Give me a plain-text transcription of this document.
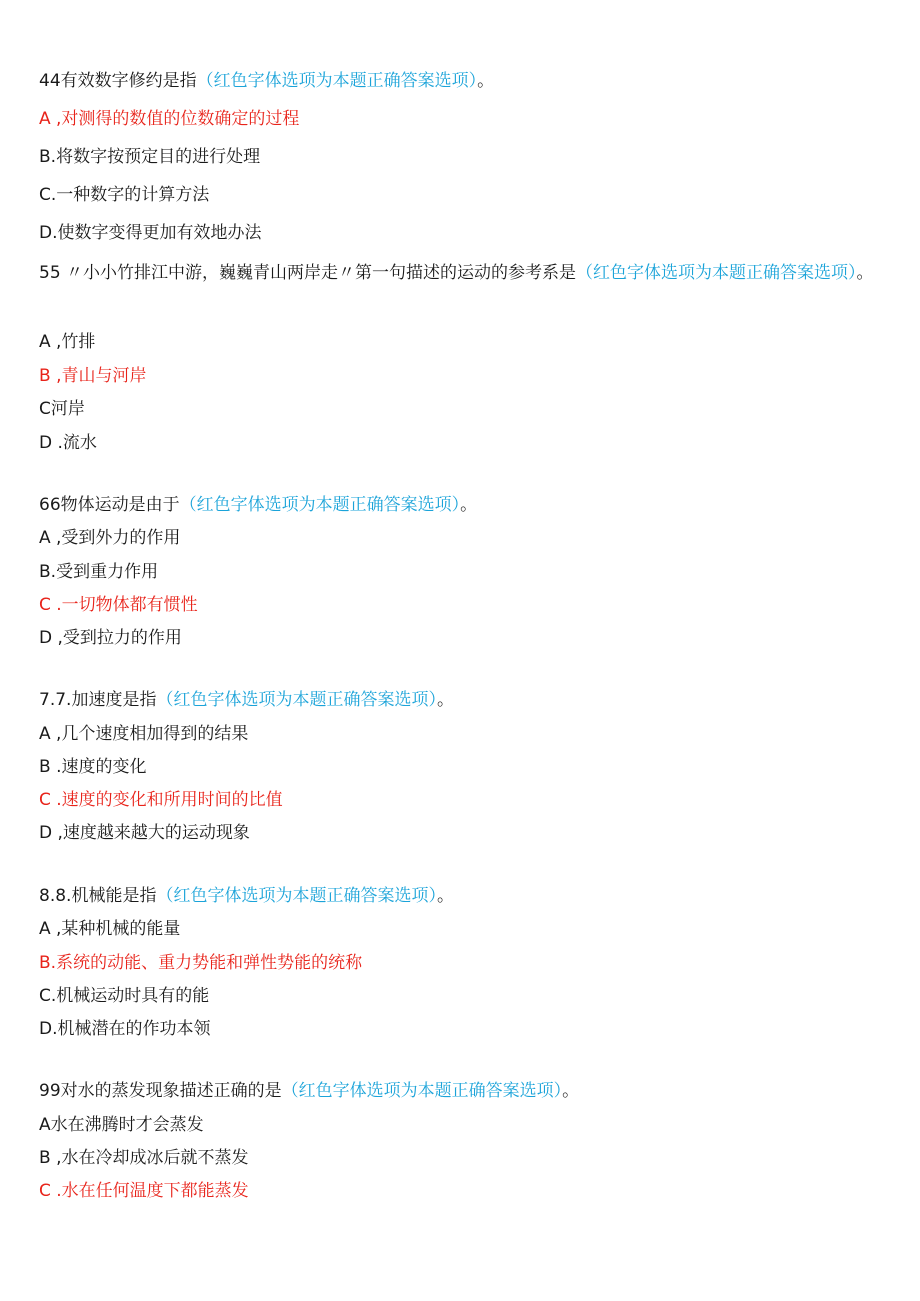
44有效数字修约是指（红色字体选项为本题正确答案选项）。

A ,对测得的数值的位数确定的过程

B.将数字按预定目的进行处理

C.一种数字的计算方法

D.使数字变得更加有效地办法

55 〃小小竹排江中游，巍巍青山两岸走〃第一句描述的运动的参考系是（红色字体选项为本题正确答案选项）。

A ,竹排

B ,青山与河岸

C河岸

D .流水

66物体运动是由于（红色字体选项为本题正确答案选项）。

A ,受到外力的作用

B.受到重力作用

C .一切物体都有惯性

D ,受到拉力的作用

7.7.加速度是指（红色字体选项为本题正确答案选项）。

A ,几个速度相加得到的结果

B .速度的变化

C .速度的变化和所用时间的比值

D ,速度越来越大的运动现象

8.8.机械能是指（红色字体选项为本题正确答案选项）。

A ,某种机械的能量

B.系统的动能、重力势能和弹性势能的统称

C.机械运动时具有的能

D.机械潜在的作功本领

99对水的蒸发现象描述正确的是（红色字体选项为本题正确答案选项）。

A水在沸腾时才会蒸发

B ,水在冷却成冰后就不蒸发

C .水在任何温度下都能蒸发
